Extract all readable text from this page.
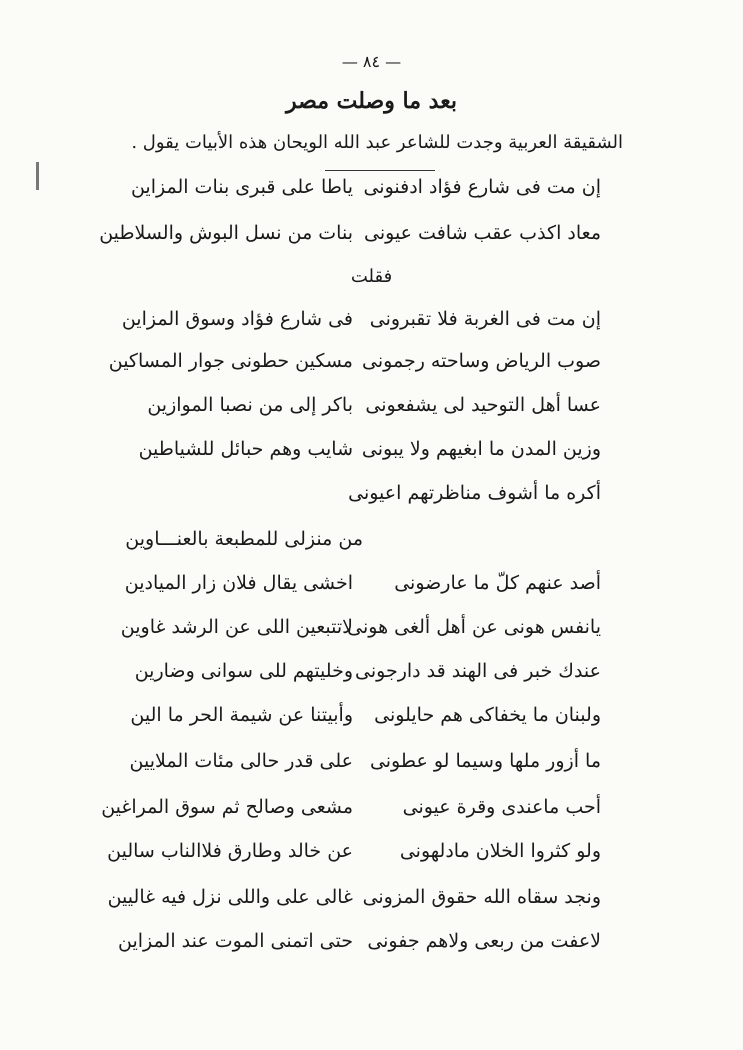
— ٨٤ —
بعد ما وصلت مصر
الشقيقة العربية وجدت للشاعر عبد الله الويحان هذه الأبيات يقول .
إن مت فى شارع فؤاد ادفنونى
ياطا على قبرى بنات المزاين
معاد اكذب عقب شافت عيونى
بنات من نسل البوش والسلاطين
فقلت
إن مت فى الغربة فلا تقبرونى
فى شارع فؤاد وسوق المزاين
صوب الرياض وساحته رجمونى
مسكين حطونى جوار المساكين
عسا أهل التوحيد لى يشفعونى
باكر إلى من نصبا الموازين
وزين المدن ما ابغيهم ولا يبونى
شايب وهم حبائل للشياطين
أكره ما أشوف مناظرتهم اعيونى
من منزلى للمطبعة بالعنـــاوين
أصد عنهم كلّ ما عارضونى
اخشى يقال فلان زار الميادين
يانفس هونى عن أهل ألغى هونى
لاتتبعين اللى عن الرشد غاوين
عندك خبر فى الهند قد دارجونى
وخليتهم للى سوانى وضارين
ولبنان ما يخفاكى هم حايلونى
وأبيتنا عن شيمة الحر ما الين
ما أزور ملها وسيما لو عطونى
على قدر حالى مئات الملايين
أحب ماعندى وقرة عيونى
مشعى وصالح ثم سوق المراغين
ولو كثروا الخلان مادلهونى
عن خالد وطارق فلاالناب سالين
ونجد سقاه الله حقوق المزونى
غالى على واللى نزل فيه غاليين
لاعفت من ربعى ولاهم جفونى
حتى اتمنى الموت عند المزاين
